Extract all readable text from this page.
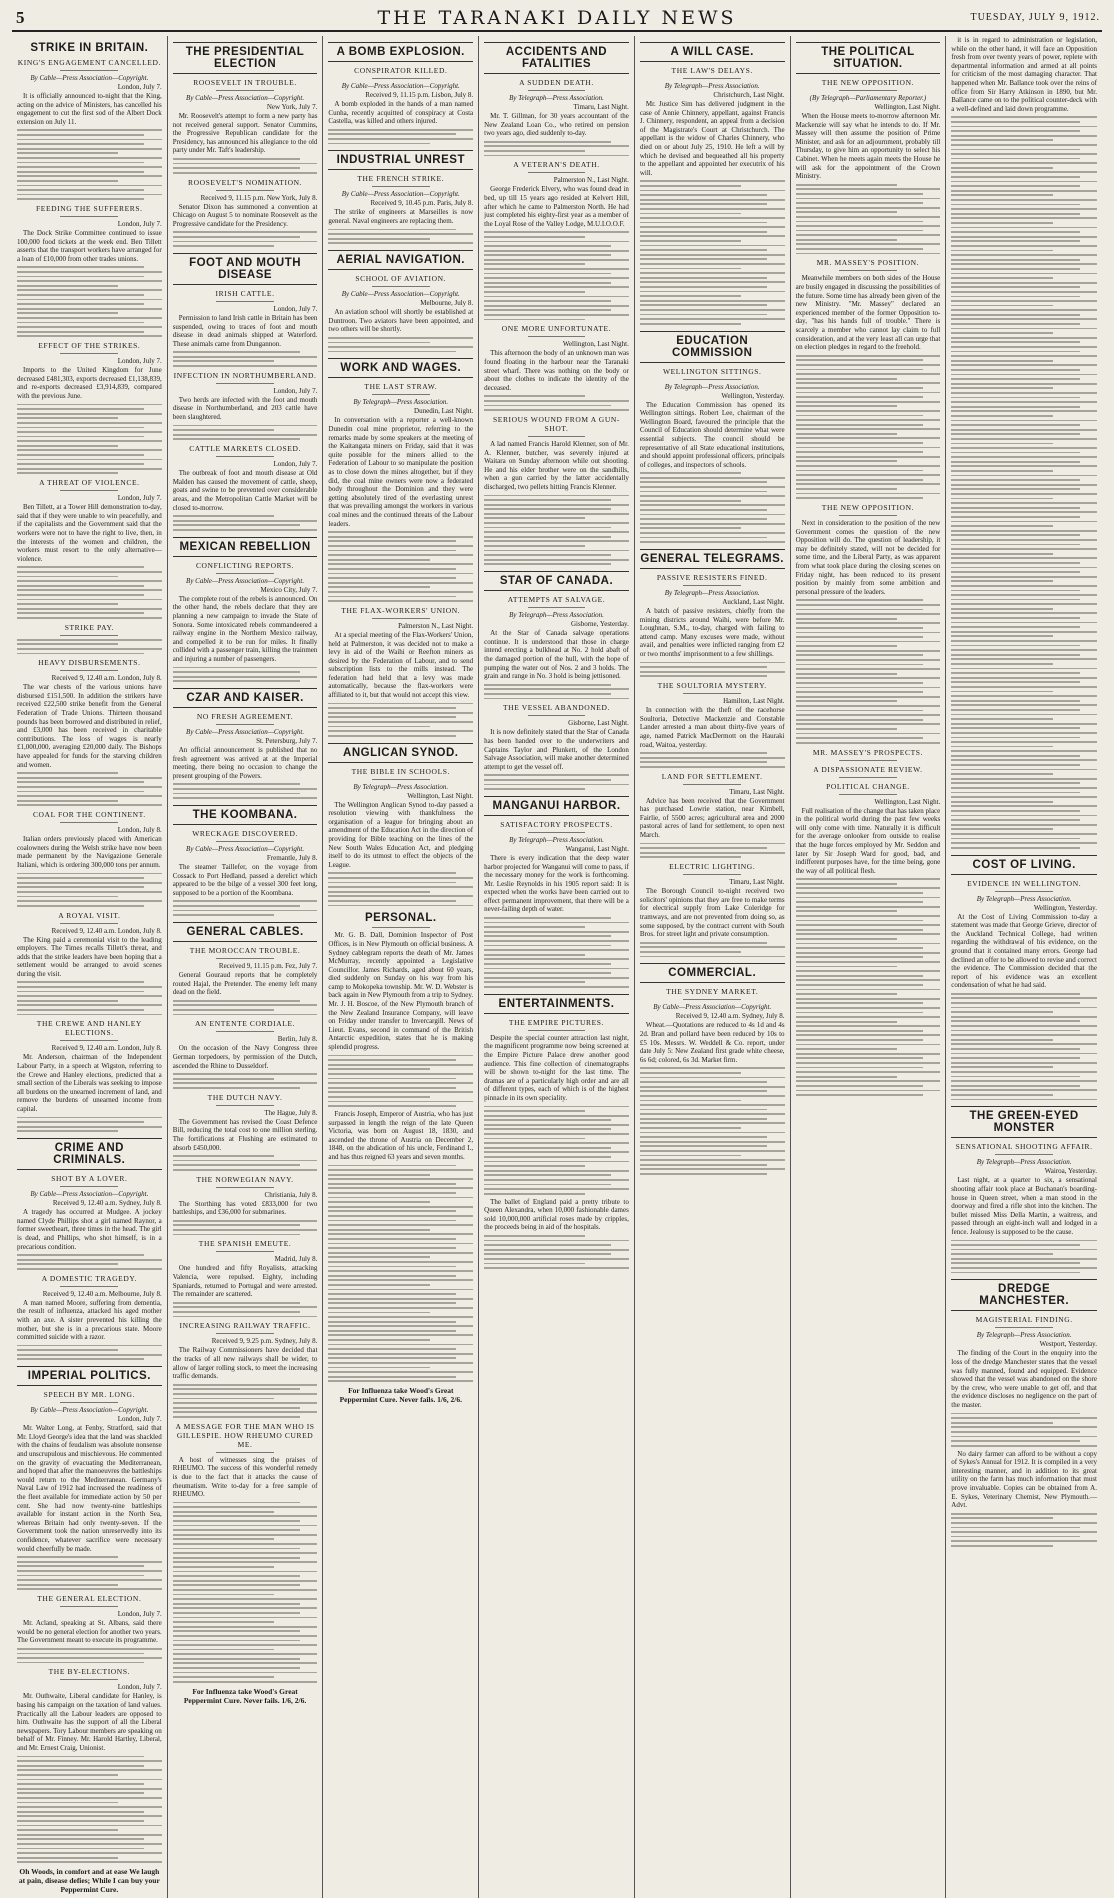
5	THE TARANAKI DAILY NEWS	TUESDAY, JULY 9, 1912.
STRIKE IN BRITAIN.
KING'S ENGAGEMENT CANCELLED.
By Cable—Press Association—Copyright.
London, July 7.

It is officially announced to-night that the King, acting on the advice of Ministers, has cancelled his engagement to cut the first sod of the Albert Dock extension on July 11.

FEEDING THE SUFFERERS.
London, July 7.

The Dock Strike Committee continued to issue 100,000 food tickets at the week end. Ben Tillett asserts that the transport workers have arranged for a loan of £10,000 from other trades unions.

EFFECT OF THE STRIKES.
London, July 7.

Imports to the United Kingdom for June decreased £481,303, exports decreased £1,138,839, and re-exports decreased £3,914,839, compared with the previous June.

A THREAT OF VIOLENCE.
London, July 7.

Ben Tillett, at a Tower Hill demonstration to-day, said that if they were unable to win peacefully, and if the capitalists and the Government said that the workers were not to have the right to live, then, in the interests of the women and children, the workers must resort to the only alternative—violence.

STRIKE PAY.
HEAVY DISBURSEMENTS.
Received 9, 12.40 a.m. London, July 8.

The war chests of the various unions have disbursed £151,500. In addition the strikers have received £22,500 strike benefit from the General Federation of Trade Unions. Thirteen thousand pounds has been borrowed and distributed in relief, and £3,000 has been received in charitable contributions. The loss of wages is nearly £1,000,000, averaging £20,000 daily. The Bishops have appealed for funds for the starving children and women.

COAL FOR THE CONTINENT.
London, July 8.

Italian orders previously placed with American coalowners during the Welsh strike have now been made permanent by the Navigazione Generale Italiani, which is ordering 300,000 tons per annum.

A ROYAL VISIT.
Received 9, 12.40 a.m. London, July 8.

The King paid a ceremonial visit to the leading employers. The Times recalls Tillett's threat, and adds that the strike leaders have been hoping that a settlement would be arranged to avoid scenes during the visit.

THE CREWE AND HANLEY ELECTIONS.
Received 9, 12.40 a.m. London, July 8.

Mr. Anderson, chairman of the Independent Labour Party, in a speech at Wigston, referring to the Crewe and Hanley elections, predicted that a small section of the Liberals was seeking to impose all burdens on the unearned increment of land, and remove the burdens of unearned income from capital.

CRIME AND CRIMINALS.
SHOT BY A LOVER.
By Cable—Press Association—Copyright.
Received 9, 12.40 a.m. Sydney, July 8.

A tragedy has occurred at Mudgee. A jockey named Clyde Phillips shot a girl named Raynor, a former sweetheart, three times in the head. The girl is dead, and Phillips, who shot himself, is in a precarious condition.

A DOMESTIC TRAGEDY.
Received 9, 12.40 a.m. Melbourne, July 8.

A man named Moore, suffering from dementia, the result of influenza, attacked his aged mother with an axe. A sister prevented his killing the mother, but she is in a precarious state. Moore committed suicide with a razor.

IMPERIAL POLITICS.
SPEECH BY MR. LONG.
By Cable—Press Association—Copyright.
London, July 7.

Mr. Walter Long, at Fenby, Stratford, said that Mr. Lloyd George's idea that the land was shackled with the chains of feudalism was absolute nonsense and unscrupulous and mischievous. He commented on the gravity of evacuating the Mediterranean, and hoped that after the manoeuvres the battleships would return to the Mediterranean. Germany's Naval Law of 1912 had increased the readiness of the fleet available for immediate action by 50 per cent. She had now twenty-nine battleships available for instant action in the North Sea, whereas Britain had only twenty-seven. If the Government took the nation unreservedly into its confidence, whatever sacrifice were necessary would cheerfully be made.

THE GENERAL ELECTION.
London, July 7.

Mr. Acland, speaking at St. Albans, said there would be no general election for another two years. The Government meant to execute its programme.

THE BY-ELECTIONS.
London, July 7.

Mr. Outhwaite, Liberal candidate for Hanley, is basing his campaign on the taxation of land values. Practically all the Labour leaders are opposed to him. Outhwaite has the support of all the Liberal newspapers. Tory Labour members are speaking on behalf of Mr. Finney. Mr. Harold Hartley, Liberal, and Mr. Ernest Craig, Unionist.

Oh Woods, in comfort and at ease We laugh at pain, disease defies; While I can buy your Peppermint Cure.
THE PRESIDENTIAL ELECTION
ROOSEVELT IN TROUBLE.
By Cable—Press Association—Copyright.
New York, July 7.

Mr. Roosevelt's attempt to form a new party has not received general support. Senator Cummins, the Progressive Republican candidate for the Presidency, has announced his allegiance to the old party under Mr. Taft's leadership.

ROOSEVELT'S NOMINATION.
Received 9, 11.15 p.m. New York, July 8.

Senator Dixon has summoned a convention at Chicago on August 5 to nominate Roosevelt as the Progressive candidate for the Presidency.

FOOT AND MOUTH DISEASE
IRISH CATTLE.
London, July 7.

Permission to land Irish cattle in Britain has been suspended, owing to traces of foot and mouth disease in dead animals shipped at Waterford. These animals came from Dungannon.

INFECTION IN NORTHUMBERLAND.
London, July 7.

Two herds are infected with the foot and mouth disease in Northumberland, and 203 cattle have been slaughtered.

CATTLE MARKETS CLOSED.
London, July 7.

The outbreak of foot and mouth disease at Old Malden has caused the movement of cattle, sheep, goats and swine to be prevented over considerable areas, and the Metropolitan Cattle Market will be closed to-morrow.

MEXICAN REBELLION
CONFLICTING REPORTS.
By Cable—Press Association—Copyright.
Mexico City, July 7.

The complete rout of the rebels is announced. On the other hand, the rebels declare that they are planning a new campaign to invade the State of Sonora. Some intoxicated rebels commandeered a railway engine in the Northern Mexico railway, and compelled it to be run for miles. It finally collided with a passenger train, killing the trainmen and injuring a number of passengers.

CZAR AND KAISER.
NO FRESH AGREEMENT.
By Cable—Press Association—Copyright.
St. Petersburg, July 7.

An official announcement is published that no fresh agreement was arrived at at the Imperial meeting, there being no occasion to change the present grouping of the Powers.

THE KOOMBANA.
WRECKAGE DISCOVERED.
By Cable—Press Association—Copyright.
Fremantle, July 8.

The steamer Taillefer, on the voyage from Cossack to Port Hedland, passed a derelict which appeared to be the bilge of a vessel 300 feet long, supposed to be a portion of the Koombana.

GENERAL CABLES.
THE MOROCCAN TROUBLE.
Received 9, 11.15 p.m. Fez, July 7.

General Gouraud reports that he completely routed Hajal, the Pretender. The enemy left many dead on the field.

AN ENTENTE CORDIALE.
Berlin, July 8.

On the occasion of the Navy Congress three German torpedoers, by permission of the Dutch, ascended the Rhine to Dusseldorf.

THE DUTCH NAVY.
The Hague, July 8.

The Government has revised the Coast Defence Bill, reducing the total cost to one million sterling. The fortifications at Flushing are estimated to absorb £450,000.

THE NORWEGIAN NAVY.
Christiania, July 8.

The Storthing has voted £833,000 for two battleships, and £36,000 for submarines.

THE SPANISH EMEUTE.
Madrid, July 8.

One hundred and fifty Royalists, attacking Valencia, were repulsed. Eighty, including Spaniards, returned to Portugal and were arrested. The remainder are scattered.

INCREASING RAILWAY TRAFFIC.
Received 9, 9.25 p.m. Sydney, July 8.

The Railway Commissioners have decided that the tracks of all new railways shall be wider, to allow of larger rolling stock, to meet the increasing traffic demands.

A MESSAGE FOR THE MAN WHO IS GILLESPIE. HOW RHEUMO CURED ME.

A host of witnesses sing the praises of RHEUMO. The success of this wonderful remedy is due to the fact that it attacks the cause of rheumatism. Write to-day for a free sample of RHEUMO.

For Influenza take Wood's Great Peppermint Cure. Never fails. 1/6, 2/6.
A BOMB EXPLOSION.
CONSPIRATOR KILLED.
By Cable—Press Association—Copyright.
Received 9, 11.15 p.m. Lisbon, July 8.

A bomb exploded in the hands of a man named Cunha, recently acquitted of conspiracy at Costa Castella, was killed and others injured.

INDUSTRIAL UNREST
THE FRENCH STRIKE.
By Cable—Press Association—Copyright.
Received 9, 10.45 p.m. Paris, July 8.

The strike of engineers at Marseilles is now general. Naval engineers are replacing them.

AERIAL NAVIGATION.
SCHOOL OF AVIATION.
By Cable—Press Association—Copyright.
Melbourne, July 8.

An aviation school will shortly be established at Duntroon. Two aviators have been appointed, and two others will be shortly.

WORK AND WAGES.
THE LAST STRAW.
By Telegraph—Press Association.
Dunedin, Last Night.

In conversation with a reporter a well-known Dunedin coal mine proprietor, referring to the remarks made by some speakers at the meeting of the Kaitangata miners on Friday, said that it was quite possible for the miners allied to the Federation of Labour to so manipulate the position as to close down the mines altogether, but if they did, the coal mine owners were now a federated body throughout the Dominion and they were getting absolutely tired of the everlasting unrest that was prevailing amongst the workers in various coal mines and the continued threats of the Labour leaders.

THE FLAX-WORKERS' UNION.
Palmerston N., Last Night.

At a special meeting of the Flax-Workers' Union, held at Palmerston, it was decided not to make a levy in aid of the Waihi or Reefton miners as desired by the Federation of Labour, and to send subscription lists to the mills instead. The federation had held that a levy was made automatically, because the flax-workers were affiliated to it, but that would not accept this view.

ANGLICAN SYNOD.
THE BIBLE IN SCHOOLS.
By Telegraph—Press Association.
Wellington, Last Night.

The Wellington Anglican Synod to-day passed a resolution viewing with thankfulness the organisation of a league for bringing about an amendment of the Education Act in the direction of providing for Bible teaching on the lines of the New South Wales Education Act, and pledging itself to do its utmost to effect the objects of the League.

PERSONAL.

Mr. G. B. Dall, Dominion Inspector of Post Offices, is in New Plymouth on official business. A Sydney cablegram reports the death of Mr. James McMurray, recently appointed a Legislative Councillor. James Richards, aged about 60 years, died suddenly on Sunday on his way from his camp to Mokopeka township. Mr. W. D. Webster is back again in New Plymouth from a trip to Sydney. Mr. J. H. Boscoe, of the New Plymouth branch of the New Zealand Insurance Company, will leave on Friday under transfer to Invercargill. News of Lieut. Evans, second in command of the British Antarctic expedition, states that he is making splendid progress.

Francis Joseph, Emperor of Austria, who has just surpassed in length the reign of the late Queen Victoria, was born on August 18, 1830, and ascended the throne of Austria on December 2, 1848, on the abdication of his uncle, Ferdinand I., and has thus reigned 63 years and seven months.

For Influenza take Wood's Great Peppermint Cure. Never fails. 1/6, 2/6.
ACCIDENTS AND FATALITIES
A SUDDEN DEATH.
By Telegraph—Press Association.
Timaru, Last Night.

Mr. T. Gillman, for 30 years accountant of the New Zealand Loan Co., who retired on pension two years ago, died suddenly to-day.

A VETERAN'S DEATH.
Palmerston N., Last Night.

George Frederick Elvery, who was found dead in bed, up till 15 years ago resided at Kelvert Hill, after which he came to Palmerston North. He had just completed his eighty-first year as a member of the Loyal Rose of the Valley Lodge, M.U.I.O.O.F.

ONE MORE UNFORTUNATE.
Wellington, Last Night.

This afternoon the body of an unknown man was found floating in the harbour near the Taranaki street wharf. There was nothing on the body or about the clothes to indicate the identity of the deceased.

SERIOUS WOUND FROM A GUN-SHOT.

A lad named Francis Harold Klenner, son of Mr. A. Klenner, butcher, was severely injured at Waitara on Sunday afternoon while out shooting. He and his elder brother were on the sandhills, when a gun carried by the latter accidentally discharged, two pellets hitting Francis Klenner.

STAR OF CANADA.
ATTEMPTS AT SALVAGE.
By Telegraph—Press Association.
Gisborne, Yesterday.

At the Star of Canada salvage operations continue. It is understood that those in charge intend erecting a bulkhead at No. 2 hold abaft of the damaged portion of the hull, with the hope of pumping the water out of Nos. 2 and 3 holds. The grain and range in No. 3 hold is being jettisoned.

THE VESSEL ABANDONED.
Gisborne, Last Night.

It is now definitely stated that the Star of Canada has been handed over to the underwriters and Captains Taylor and Plunkett, of the London Salvage Association, will make another determined attempt to get the vessel off.

MANGANUI HARBOR.
SATISFACTORY PROSPECTS.
By Telegraph—Press Association.
Wanganui, Last Night.

There is every indication that the deep water harbor projected for Wanganui will come to pass, if the necessary money for the work is forthcoming. Mr. Leslie Reynolds in his 1905 report said: It is expected when the works have been carried out to effect permanent improvement, that there will be a never-failing depth of water.

ENTERTAINMENTS.
THE EMPIRE PICTURES.

Despite the special counter attraction last night, the magnificent programme now being screened at the Empire Picture Palace drew another good audience. This fine collection of cinematographs will be shown to-night for the last time. The dramas are of a particularly high order and are all of different types, each of which is of the highest pinnacle in its own speciality.

The ballet of England paid a pretty tribute to Queen Alexandra, when 10,000 fashionable dames sold 10,000,000 artificial roses made by cripples, the proceeds being in aid of the hospitals.

A WILL CASE.
THE LAW'S DELAYS.
By Telegraph—Press Association.
Christchurch, Last Night.

Mr. Justice Sim has delivered judgment in the case of Annie Chinnery, appellant, against Francis J. Chinnery, respondent, an appeal from a decision of the Magistrate's Court at Christchurch. The appellant is the widow of Charles Chinnery, who died on or about July 25, 1910. He left a will by which he devised and bequeathed all his property to the appellant and appointed her executrix of his will.

EDUCATION COMMISSION
WELLINGTON SITTINGS.
By Telegraph—Press Association.
Wellington, Yesterday.

The Education Commission has opened its Wellington sittings. Robert Lee, chairman of the Wellington Board, favoured the principle that the Council of Education should determine what were essential subjects. The council should be representative of all State educational institutions, and should appoint professional officers, principals of colleges, and inspectors of schools.

GENERAL TELEGRAMS.
PASSIVE RESISTERS FINED.
By Telegraph—Press Association.
Auckland, Last Night.

A batch of passive resisters, chiefly from the mining districts around Waihi, were before Mr. Loughnan, S.M., to-day, charged with failing to attend camp. Many excuses were made, without avail, and penalties were inflicted ranging from £2 or two months' imprisonment to a few shillings.

THE SOULTORIA MYSTERY.
Hamilton, Last Night.

In connection with the theft of the racehorse Soultoria, Detective Mackenzie and Constable Lander arrested a man about thirty-five years of age, named Patrick MacDermott on the Hauraki road, Waitoa, yesterday.

LAND FOR SETTLEMENT.
Timaru, Last Night.

Advice has been received that the Government has purchased Lowrie station, near Kimbell, Fairlie, of 5500 acres; agricultural area and 2000 pastoral acres of land for settlement, to open next March.

ELECTRIC LIGHTING.
Timaru, Last Night.

The Borough Council to-night received two solicitors' opinions that they are free to make terms for electrical supply from Lake Coleridge for tramways, and are not prevented from doing so, as some supposed, by the contract current with South Bros. for street light and private consumption.

COMMERCIAL.
THE SYDNEY MARKET.
By Cable—Press Association—Copyright.
Received 9, 12.40 a.m. Sydney, July 8.

Wheat.—Quotations are reduced to 4s 1d and 4s 2d. Bran and pollard have been reduced by 10s to £5 10s. Messrs. W. Weddell & Co. report, under date July 5: New Zealand first grade white cheese, 6s 6d; colored, 6s 3d. Market firm.

THE POLITICAL SITUATION.
THE NEW OPPOSITION.
(By Telegraph—Parliamentary Reporter.)
Wellington, Last Night.

When the House meets to-morrow afternoon Mr. Mackenzie will say what he intends to do. If Mr. Massey will then assume the position of Prime Minister, and ask for an adjournment, probably till Thursday, to give him an opportunity to select his Cabinet. When he meets again meets the House he will ask for the appointment of the Crown Ministry.

MR. MASSEY'S POSITION.

Meanwhile members on both sides of the House are busily engaged in discussing the possibilities of the future. Some time has already been given of the new Ministry. "Mr. Massey" declared an experienced member of the former Opposition to-day, "has his hands full of trouble." There is scarcely a member who cannot lay claim to full consideration, and at the very least all can urge that on election pledges in regard to the freehold.

THE NEW OPPOSITION.

Next in consideration to the position of the new Government comes the question of the new Opposition will do. The question of leadership, it may be definitely stated, will not be decided for some time, and the Liberal Party, as was apparent from what took place during the closing scenes on Friday night, has been reduced to its present position by mainly from some ambition and personal pressure of the leaders.

MR. MASSEY'S PROSPECTS.
A DISPASSIONATE REVIEW.
POLITICAL CHANGE.
Wellington, Last Night.

Full realisation of the change that has taken place in the political world during the past few weeks will only come with time. Naturally it is difficult for the average onlooker from outside to realise that the huge forces employed by Mr. Seddon and later by Sir Joseph Ward for good, bad, and indifferent purposes have, for the time being, gone the way of all political flesh.

it is in regard to administration or legislation, while on the other hand, it will face an Opposition fresh from over twenty years of power, replete with departmental information and armed at all points for criticism of the most damaging character. That happened when Mr. Ballance took over the reins of office from Sir Harry Atkinson in 1890, but Mr. Ballance came on to the political counter-deck with a well-defined and laid down programme.

COST OF LIVING.
EVIDENCE IN WELLINGTON.
By Telegraph—Press Association.
Wellington, Yesterday.

At the Cost of Living Commission to-day a statement was made that George Grieve, director of the Auckland Technical College, had written regarding the withdrawal of his evidence, on the ground that it contained many errors. George had declined an offer to be allowed to revise and correct the evidence. The Commission decided that the report of his evidence was an excellent condensation of what he had said.

THE GREEN-EYED MONSTER
SENSATIONAL SHOOTING AFFAIR.
By Telegraph—Press Association.
Wairoa, Yesterday.

Last night, at a quarter to six, a sensational shooting affair took place at Buchanan's boarding-house in Queen street, when a man stood in the doorway and fired a rifle shot into the kitchen. The bullet missed Miss Della Martin, a waitress, and passed through an eight-inch wall and lodged in a fence. Jealousy is supposed to be the cause.

DREDGE MANCHESTER.
MAGISTERIAL FINDING.
By Telegraph—Press Association.
Westport, Yesterday.

The finding of the Court in the enquiry into the loss of the dredge Manchester states that the vessel was fully manned, found and equipped. Evidence showed that the vessel was abandoned on the shore by the crew, who were unable to get off, and that the evidence discloses no negligence on the part of the master.

No dairy farmer can afford to be without a copy of Sykes's Annual for 1912. It is compiled in a very interesting manner, and in addition to its great utility on the farm has much information that must prove invaluable. Copies can be obtained from A. E. Sykes, Veterinary Chemist, New Plymouth.—Advt.
